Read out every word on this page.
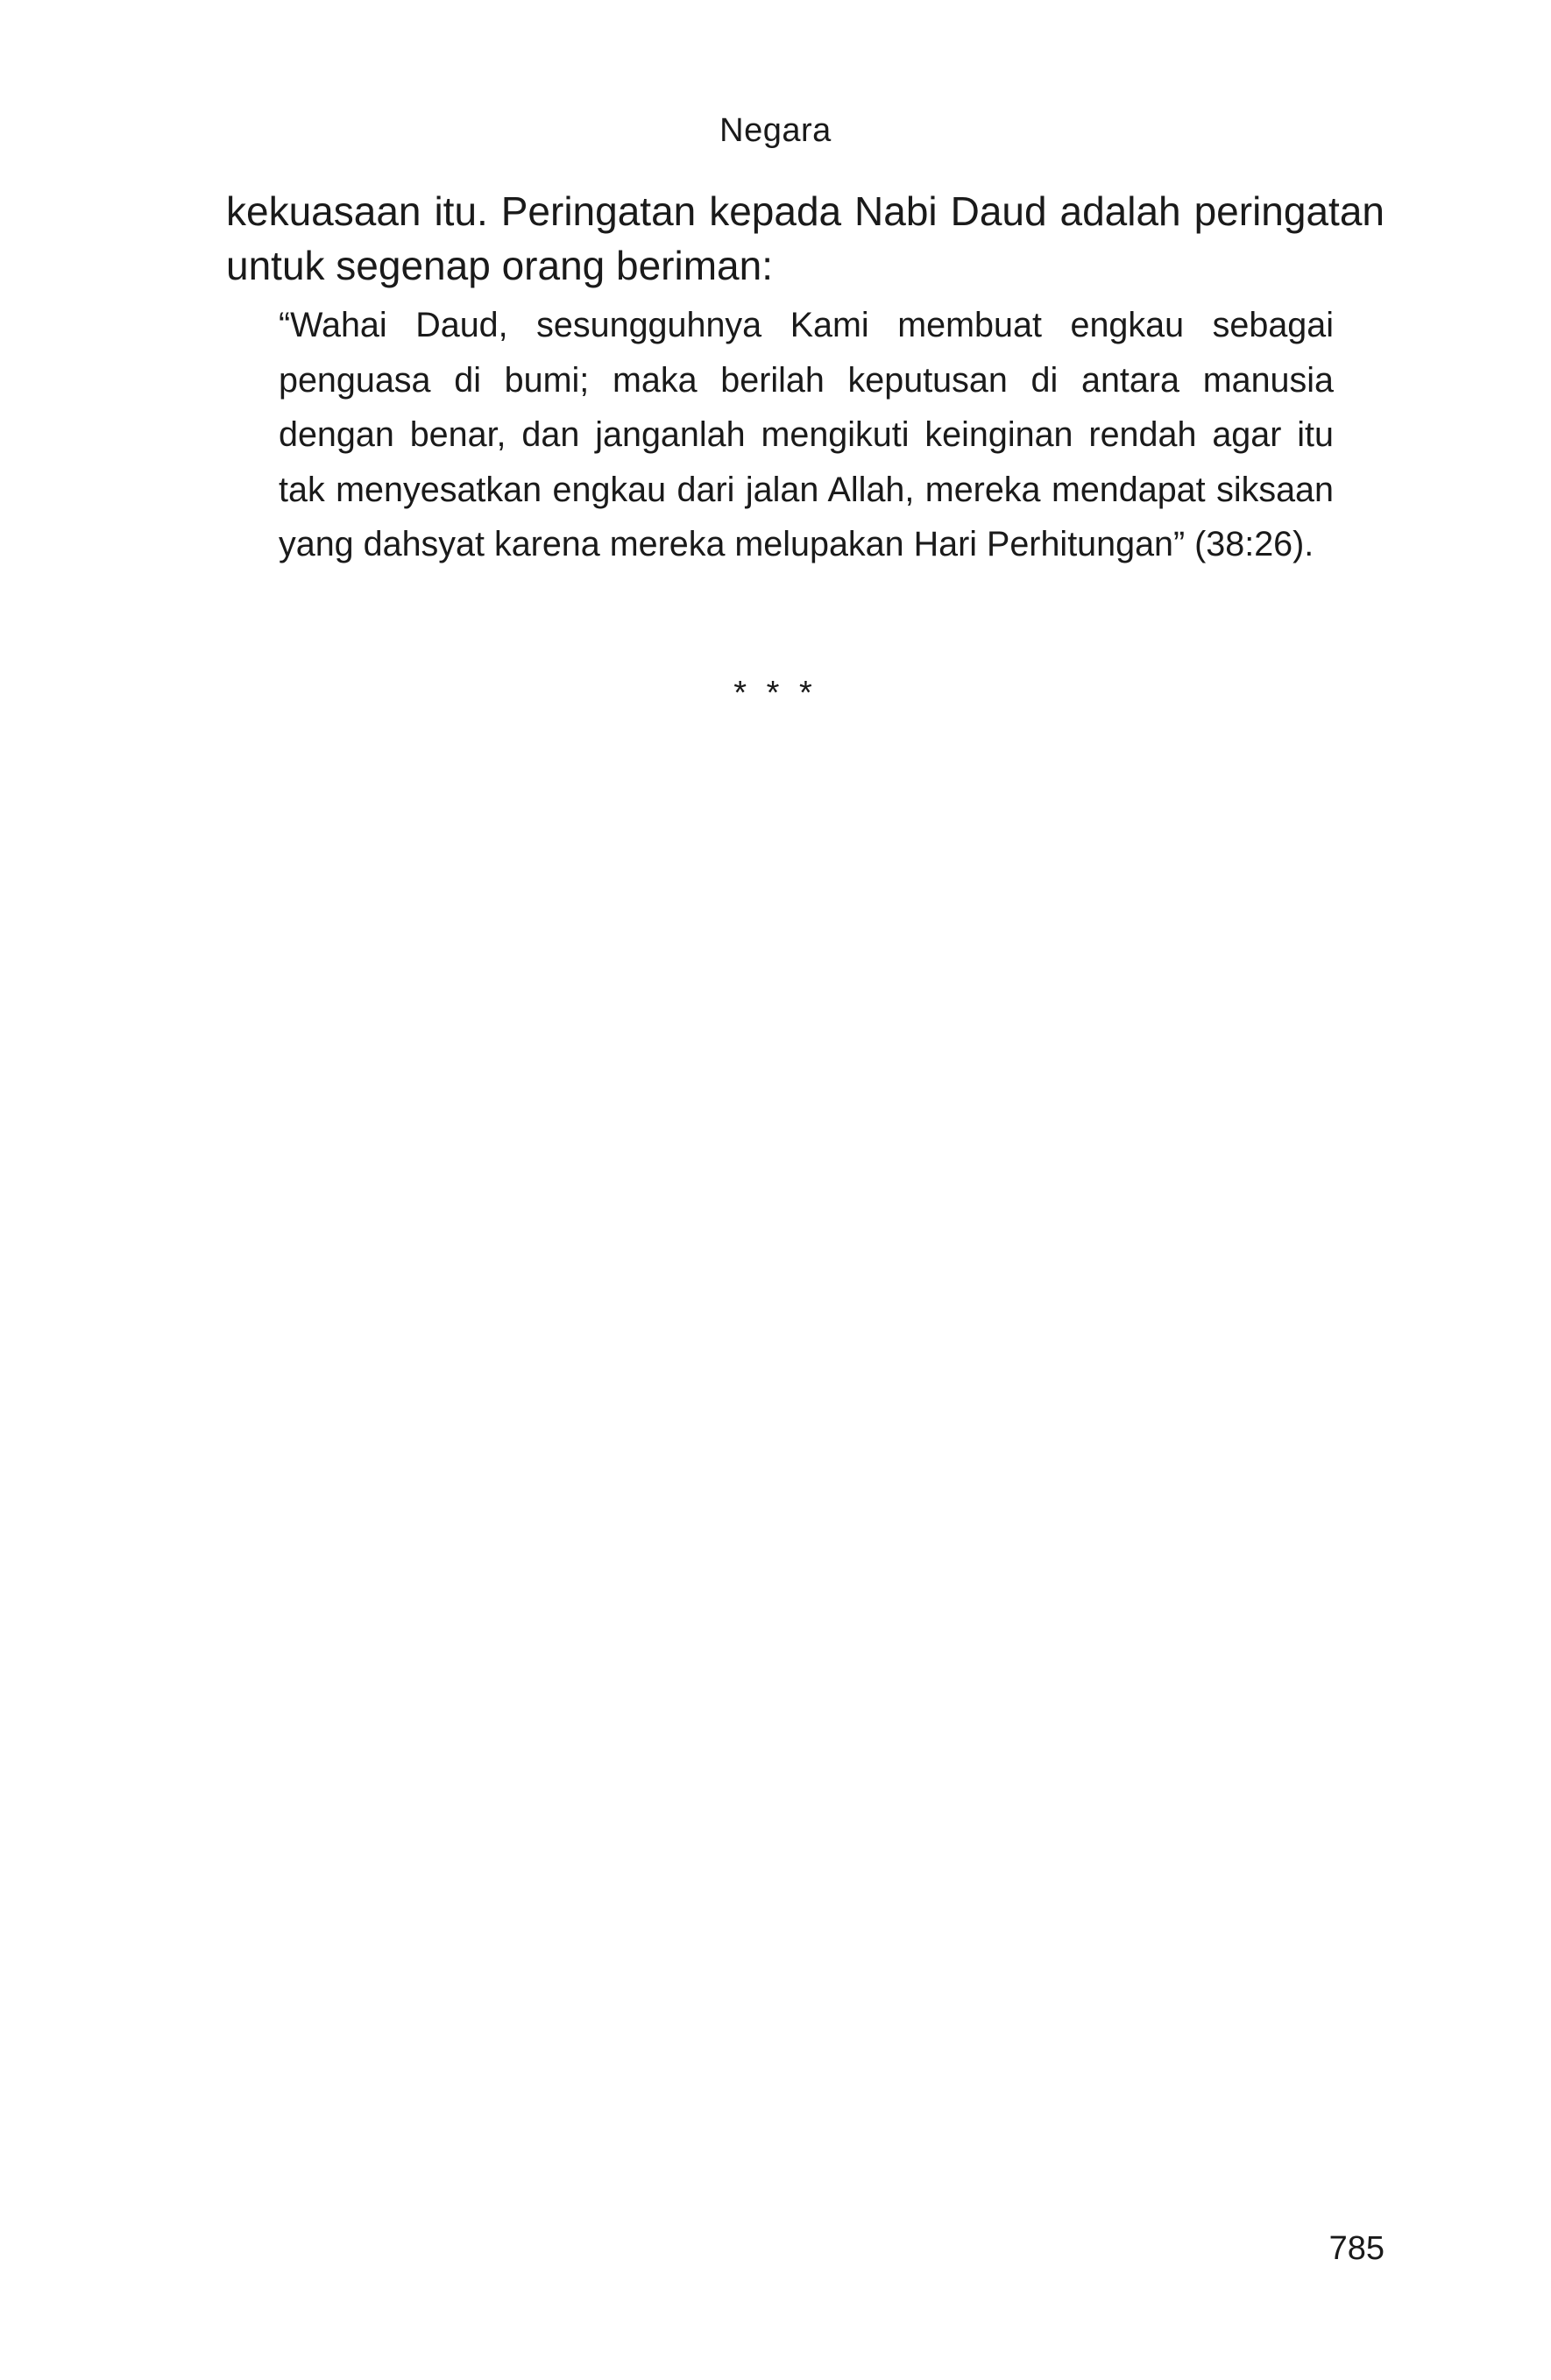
Negara

kekuasaan itu. Peringatan kepada Nabi Daud adalah peringatan untuk segenap orang beriman:

“Wahai Daud, sesungguhnya Kami membuat engkau sebagai penguasa di bumi; maka berilah keputusan di antara manusia dengan benar, dan janganlah mengikuti keinginan rendah agar itu tak menyesatkan engkau dari jalan Allah, mereka mendapat siksaan yang dahsyat karena mereka melupakan Hari Perhitungan” (38:26).

* * *
785
